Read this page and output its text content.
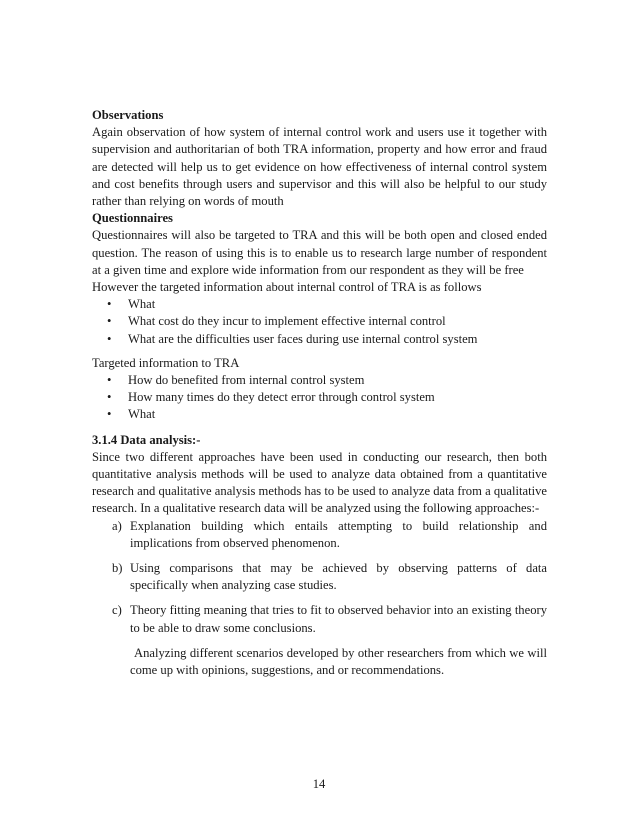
Observations

Again observation of how system of internal control work and users use it together with supervision and authoritarian of both TRA information, property and how error and fraud are detected will help us to get evidence on how effectiveness of internal control system and cost benefits through users and supervisor and this will also be helpful to our study rather than relying on words of mouth

Questionnaires

Questionnaires will also be targeted to TRA and this will be both open and closed ended question. The reason of using this is to enable us to research large number of respondent at a given time and explore wide information from our respondent as they will be free

However the targeted information about internal control of TRA is as follows

• What
• What cost do they incur to implement effective internal control
• What are the difficulties user faces during use internal control system

Targeted information to TRA

• How do benefited from internal control system
• How many times do they detect error through control system
• What

3.1.4 Data analysis:-

Since two different approaches have been used in conducting our research, then both quantitative analysis methods will be used to analyze data obtained from a quantitative research and qualitative analysis methods has to be used to analyze data from a qualitative research. In a qualitative research data will be analyzed using the following approaches:-

a) Explanation building which entails attempting to build relationship and implications from observed phenomenon.
b) Using comparisons that may be achieved by observing patterns of data specifically when analyzing case studies.
c) Theory fitting meaning that tries to fit to observed behavior into an existing theory to be able to draw some conclusions.

Analyzing different scenarios developed by other researchers from which we will come up with opinions, suggestions, and or recommendations.

14
